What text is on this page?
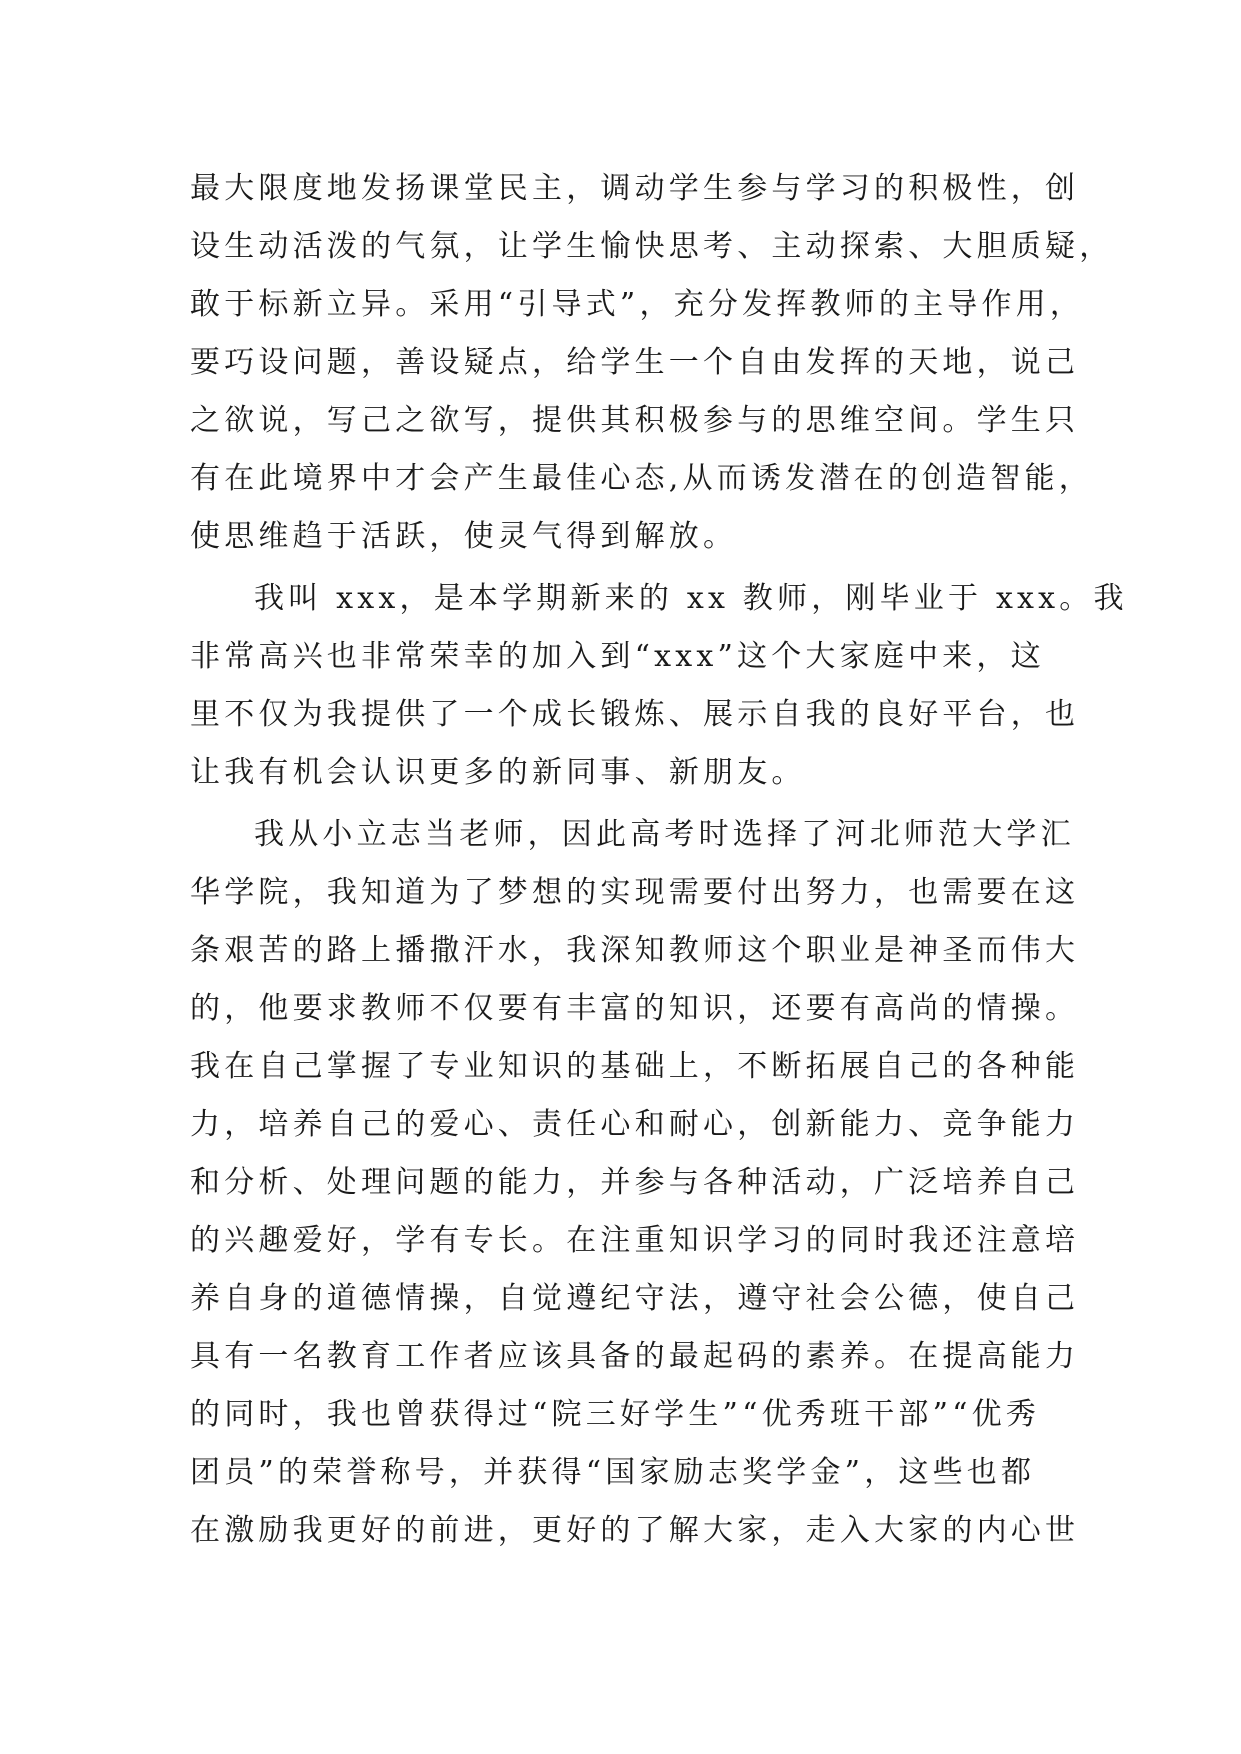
最大限度地发扬课堂民主，调动学生参与学习的积极性，创
设生动活泼的气氛，让学生愉快思考、主动探索、大胆质疑，
敢于标新立异。采用“引导式”，充分发挥教师的主导作用，
要巧设问题，善设疑点，给学生一个自由发挥的天地，说己
之欲说，写己之欲写，提供其积极参与的思维空间。学生只
有在此境界中才会产生最佳心态,从而诱发潜在的创造智能，
使思维趋于活跃，使灵气得到解放。
我叫 xxx，是本学期新来的 xx 教师，刚毕业于 xxx。我
非常高兴也非常荣幸的加入到“xxx”这个大家庭中来，这
里不仅为我提供了一个成长锻炼、展示自我的良好平台，也
让我有机会认识更多的新同事、新朋友。
我从小立志当老师，因此高考时选择了河北师范大学汇
华学院，我知道为了梦想的实现需要付出努力，也需要在这
条艰苦的路上播撒汗水，我深知教师这个职业是神圣而伟大
的，他要求教师不仅要有丰富的知识，还要有高尚的情操。
我在自己掌握了专业知识的基础上，不断拓展自己的各种能
力，培养自己的爱心、责任心和耐心，创新能力、竞争能力
和分析、处理问题的能力，并参与各种活动，广泛培养自己
的兴趣爱好，学有专长。在注重知识学习的同时我还注意培
养自身的道德情操，自觉遵纪守法，遵守社会公德，使自己
具有一名教育工作者应该具备的最起码的素养。在提高能力
的同时，我也曾获得过“院三好学生”“优秀班干部”“优秀
团员”的荣誉称号，并获得“国家励志奖学金”，这些也都
在激励我更好的前进，更好的了解大家，走入大家的内心世
